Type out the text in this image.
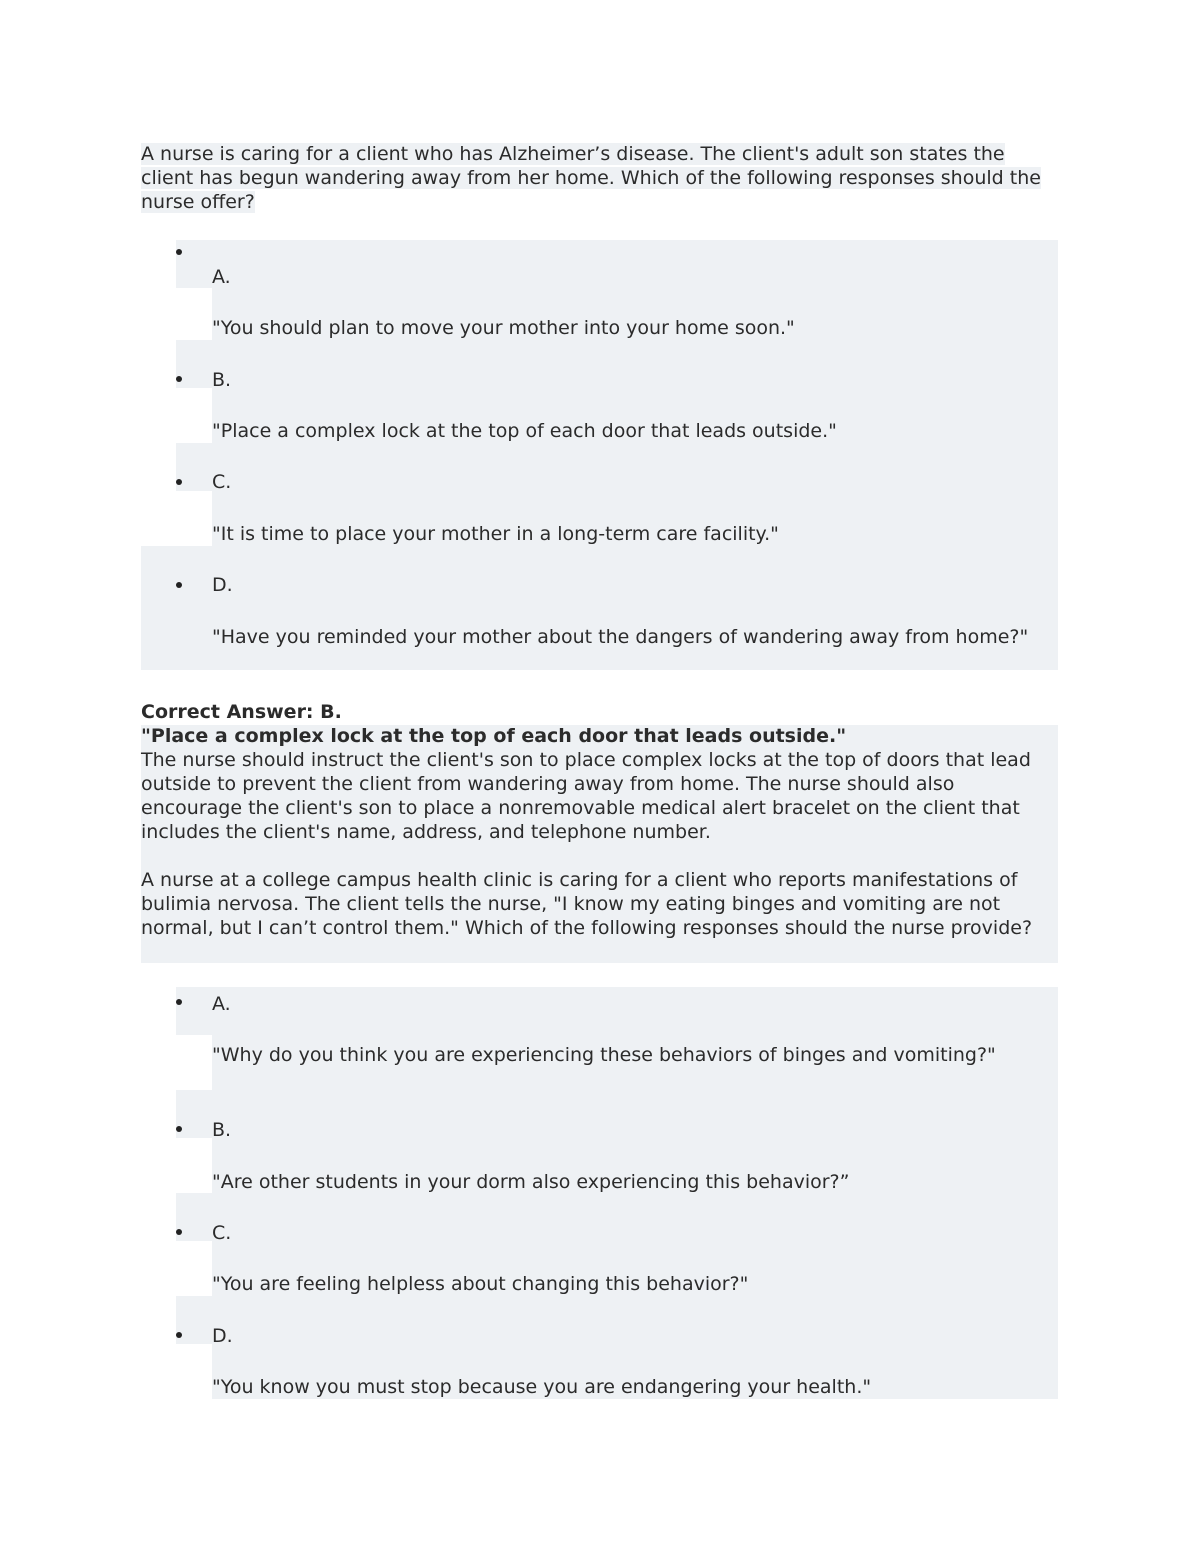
A nurse is caring for a client who has Alzheimer’s disease. The client's adult son states the client has begun wandering away from her home. Which of the following responses should the nurse offer?
A.
"You should plan to move your mother into your home soon."
B.
"Place a complex lock at the top of each door that leads outside."
C.
"It is time to place your mother in a long-term care facility."
D.
"Have you reminded your mother about the dangers of wandering away from home?"
Correct Answer: B.
"Place a complex lock at the top of each door that leads outside."
The nurse should instruct the client's son to place complex locks at the top of doors that lead outside to prevent the client from wandering away from home. The nurse should also encourage the client's son to place a nonremovable medical alert bracelet on the client that includes the client's name, address, and telephone number.
A nurse at a college campus health clinic is caring for a client who reports manifestations of bulimia nervosa. The client tells the nurse, "I know my eating binges and vomiting are not normal, but I can’t control them." Which of the following responses should the nurse provide?
A.
"Why do you think you are experiencing these behaviors of binges and vomiting?"
B.
"Are other students in your dorm also experiencing this behavior?”
C.
"You are feeling helpless about changing this behavior?"
D.
"You know you must stop because you are endangering your health."
